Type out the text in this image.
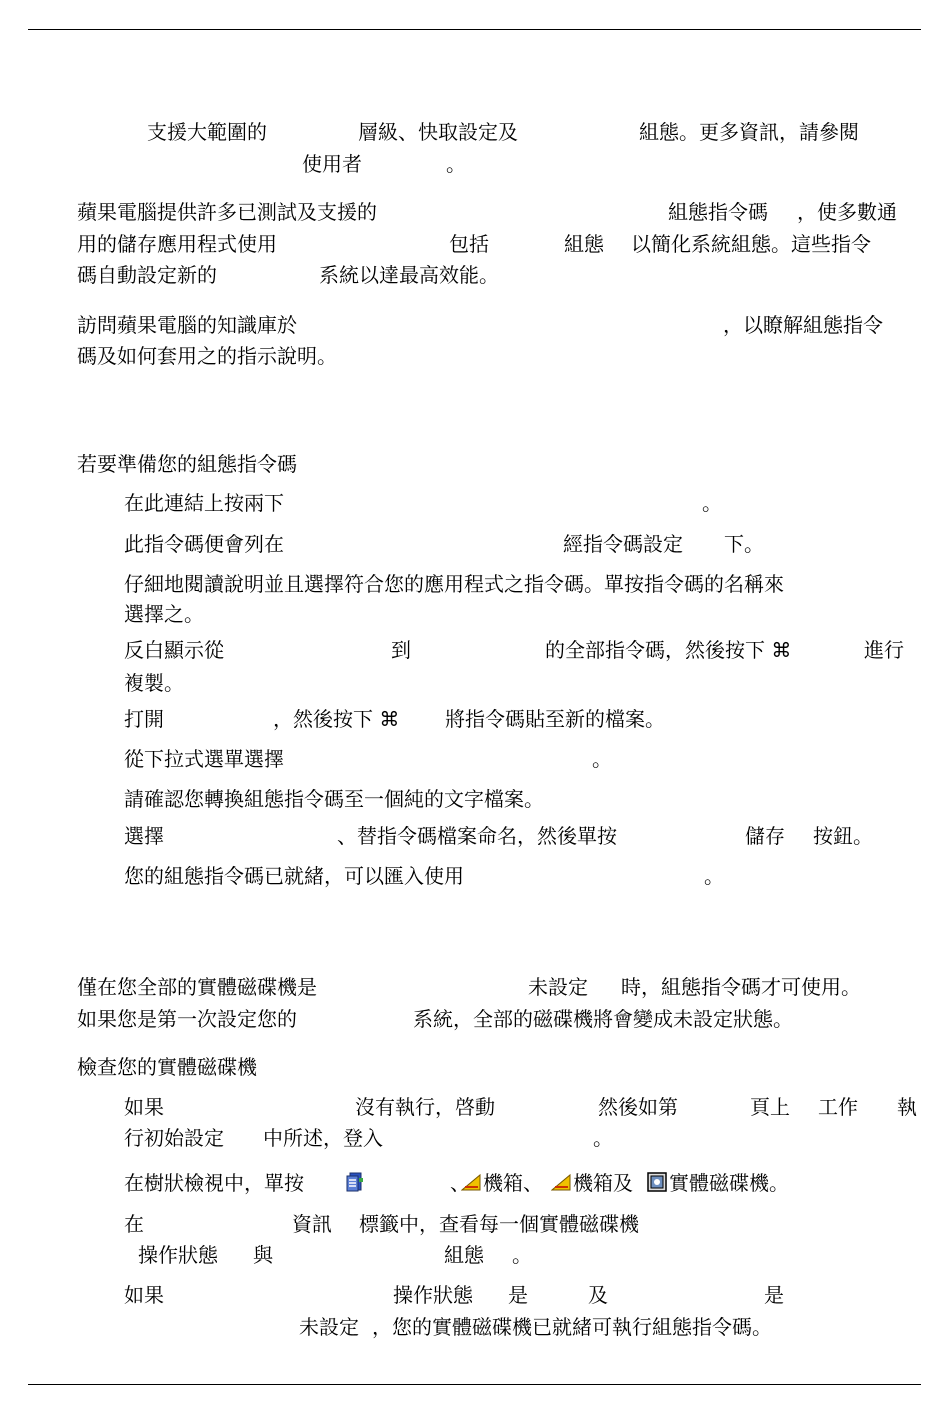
支援大範圍的	層級、快取設定及	組態。更多資訊，請參閱
使用者	。
蘋果電腦提供許多已測試及支援的	組態指令碼 ，使多數通
用的儲存應用程式使用	包括	組態 以簡化系統組態。這些指令
碼自動設定新的	系統以達最高效能。
訪問蘋果電腦的知識庫於	，以瞭解組態指令
碼及如何套用之的指示說明。
若要準備您的組態指令碼
在此連結上按兩下	。
此指令碼便會列在	經指令碼設定 下。
仔細地閱讀說明並且選擇符合您的應用程式之指令碼。單按指令碼的名稱來
選擇之。
反白顯示從	到	的全部指令碼，然後按下 ⌘	進行
複製。
打開	，然後按下 ⌘ 將指令碼貼至新的檔案。
從下拉式選單選擇	。
請確認您轉換組態指令碼至一個純的文字檔案。
選擇	、替指令碼檔案命名，然後單按	儲存 按鈕。
您的組態指令碼已就緒，可以匯入使用	。
僅在您全部的實體磁碟機是	未設定 時，組態指令碼才可使用。
如果您是第一次設定您的	系統，全部的磁碟機將會變成未設定狀態。
檢查您的實體磁碟機
如果	沒有執行，啓動	然後如第	頁上 工作 執
行初始設定 中所述，登入	。
在樹狀檢視中，單按	、 機箱、 機箱及 實體磁碟機。
在	資訊 標籤中，查看每一個實體磁碟機
操作狀態 與	組態 。
如果	操作狀態 是	及	是
未設定 ，您的實體磁碟機已就緒可執行組態指令碼。
